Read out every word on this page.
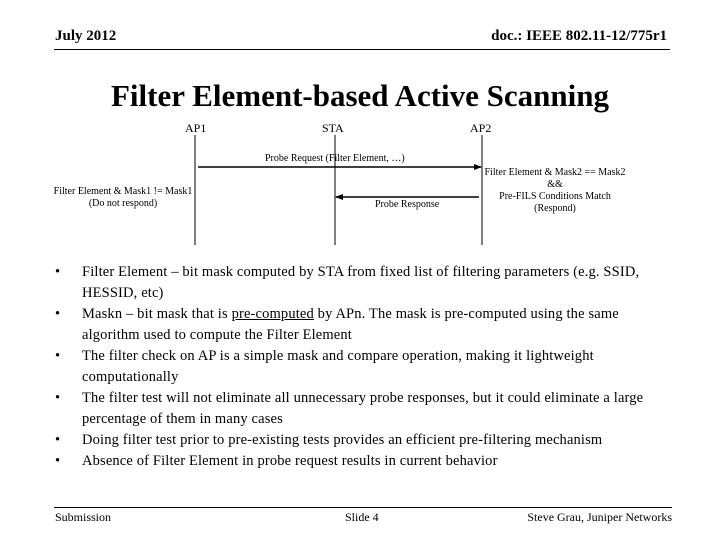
July 2012	doc.: IEEE 802.11-12/775r1
Filter Element-based Active Scanning
AP1	STA	AP2
Probe Request (Filter Element, …)
Probe Response
Filter Element & Mask1 != Mask1
(Do not respond)
Filter Element & Mask2 == Mask2
&&
Pre-FILS Conditions Match
(Respond)
• Filter Element – bit mask computed by STA from fixed list of filtering parameters (e.g. SSID, HESSID, etc)
• Maskn – bit mask that is pre-computed by APn. The mask is pre-computed using the same algorithm used to compute the Filter Element
• The filter check on AP is a simple mask and compare operation, making it lightweight computationally
• The filter test will not eliminate all unnecessary probe responses, but it could eliminate a large percentage of them in many cases
• Doing filter test prior to pre-existing tests provides an efficient pre-filtering mechanism
• Absence of Filter Element in probe request results in current behavior
Submission	Slide 4	Steve Grau, Juniper Networks
